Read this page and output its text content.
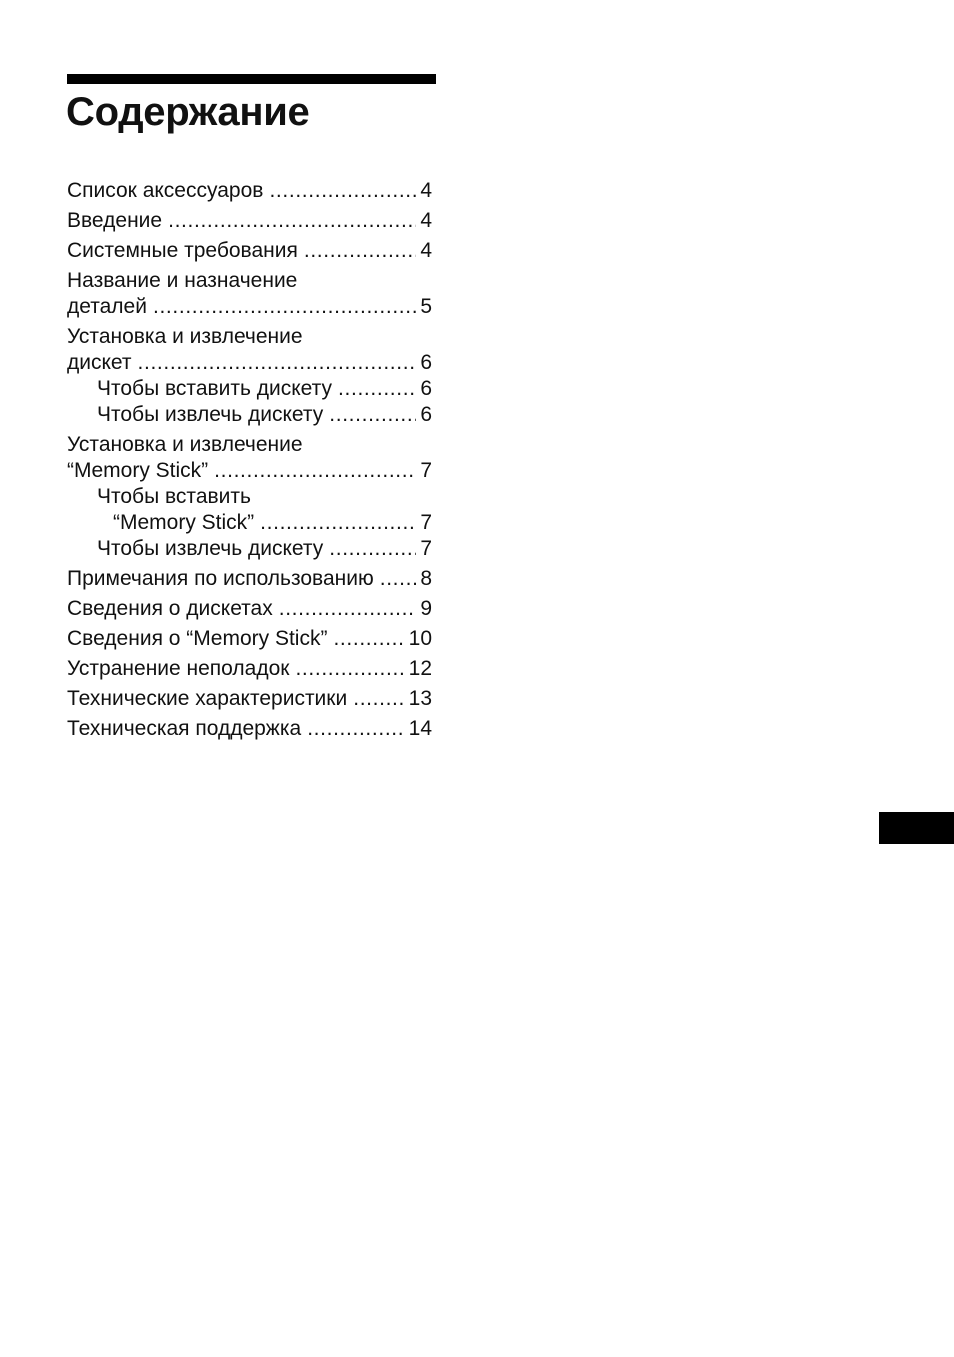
Содержание
Список аксессуаров . . .	4
Введение . . .	4
Системные требования . . .	4
Название и назначение
деталей . . .	5
Установка и извлечение
дискет . . .	6
Чтобы вставить дискету . . .	6
Чтобы извлечь дискету . . .	6
Установка и извлечение
“Memory Stick” . . .	7
Чтобы вставить
“Memory Stick” . . .	7
Чтобы извлечь дискету . . .	7
Примечания по использованию . . . 8
Сведения о дискетах . . .	9
Сведения о “Memory Stick” . . .	10
Устранение неполадок . . .	12
Технические характеристики . . .	13
Техническая поддержка . . .	14
